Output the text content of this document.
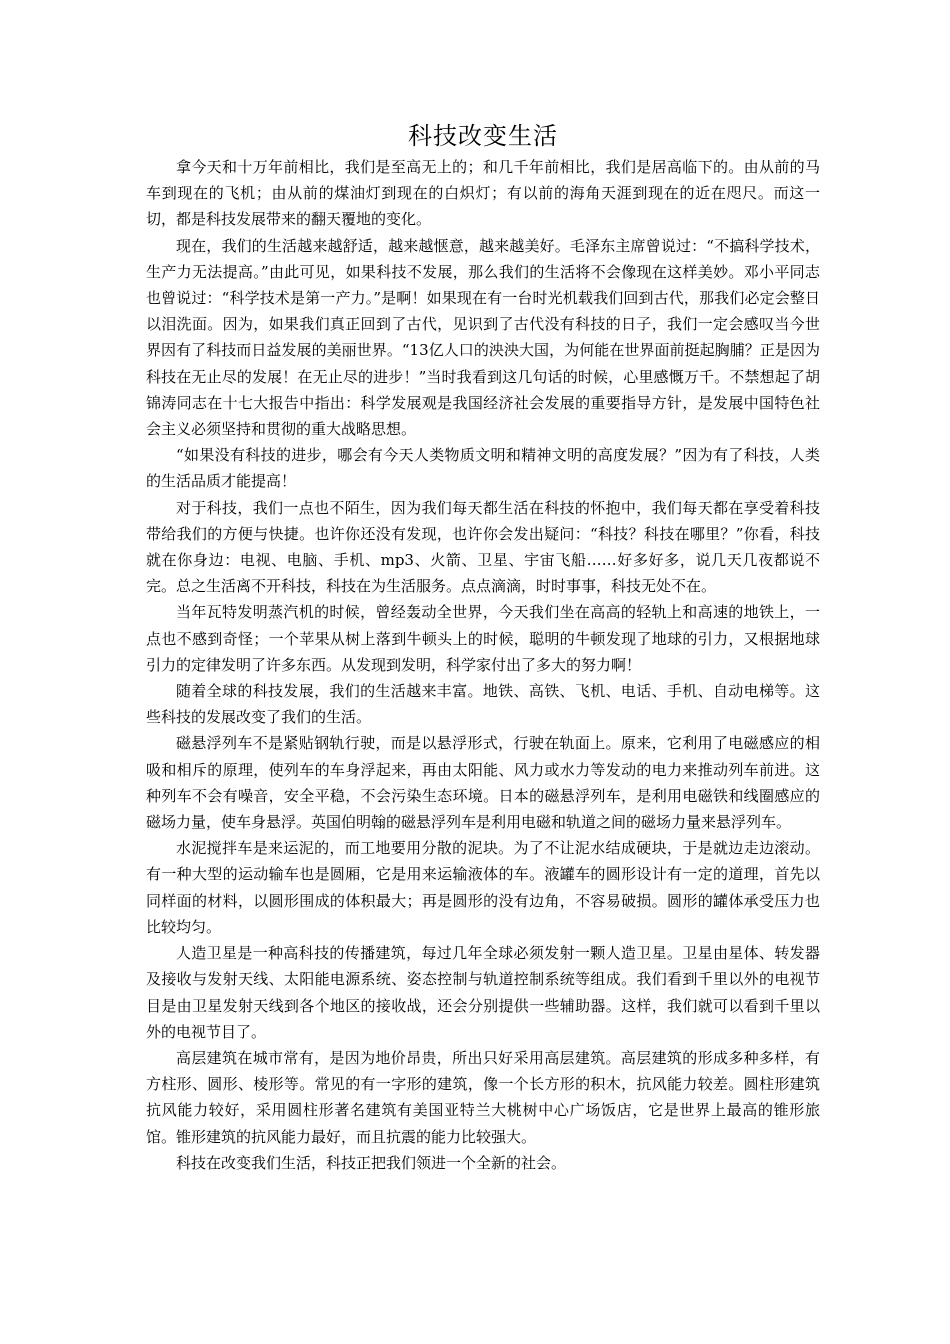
科技改变生活

拿今天和十万年前相比，我们是至高无上的；和几千年前相比，我们是居高临下的。由从前的马车到现在的飞机；由从前的煤油灯到现在的白炽灯；有以前的海角天涯到现在的近在咫尺。而这一切，都是科技发展带来的翻天覆地的变化。

现在，我们的生活越来越舒适，越来越惬意，越来越美好。毛泽东主席曾说过：“不搞科学技术，生产力无法提高。”由此可见，如果科技不发展，那么我们的生活将不会像现在这样美妙。邓小平同志也曾说过：“科学技术是第一产力。”是啊！如果现在有一台时光机载我们回到古代，那我们必定会整日以泪洗面。因为，如果我们真正回到了古代，见识到了古代没有科技的日子，我们一定会感叹当今世界因有了科技而日益发展的美丽世界。“13亿人口的泱泱大国，为何能在世界面前挺起胸脯？正是因为科技在无止尽的发展！在无止尽的进步！”当时我看到这几句话的时候，心里感慨万千。不禁想起了胡锦涛同志在十七大报告中指出：科学发展观是我国经济社会发展的重要指导方针，是发展中国特色社会主义必须坚持和贯彻的重大战略思想。

“如果没有科技的进步，哪会有今天人类物质文明和精神文明的高度发展？”因为有了科技，人类的生活品质才能提高！

对于科技，我们一点也不陌生，因为我们每天都生活在科技的怀抱中，我们每天都在享受着科技带给我们的方便与快捷。也许你还没有发现，也许你会发出疑问：“科技？科技在哪里？”你看，科技就在你身边：电视、电脑、手机、mp3、火箭、卫星、宇宙飞船……好多好多，说几天几夜都说不完。总之生活离不开科技，科技在为生活服务。点点滴滴，时时事事，科技无处不在。

当年瓦特发明蒸汽机的时候，曾经轰动全世界，今天我们坐在高高的轻轨上和高速的地铁上，一点也不感到奇怪；一个苹果从树上落到牛顿头上的时候，聪明的牛顿发现了地球的引力，又根据地球引力的定律发明了许多东西。从发现到发明，科学家付出了多大的努力啊！

随着全球的科技发展，我们的生活越来丰富。地铁、高铁、飞机、电话、手机、自动电梯等。这些科技的发展改变了我们的生活。

磁悬浮列车不是紧贴钢轨行驶，而是以悬浮形式，行驶在轨面上。原来，它利用了电磁感应的相吸和相斥的原理，使列车的车身浮起来，再由太阳能、风力或水力等发动的电力来推动列车前进。这种列车不会有噪音，安全平稳，不会污染生态环境。日本的磁悬浮列车，是利用电磁铁和线圈感应的磁场力量，使车身悬浮。英国伯明翰的磁悬浮列车是利用电磁和轨道之间的磁场力量来悬浮列车。

水泥搅拌车是来运泥的，而工地要用分散的泥块。为了不让泥水结成硬块，于是就边走边滚动。有一种大型的运动输车也是圆厢，它是用来运输液体的车。液罐车的圆形设计有一定的道理，首先以同样面的材料，以圆形围成的体积最大；再是圆形的没有边角，不容易破损。圆形的罐体承受压力也比较均匀。

人造卫星是一种高科技的传播建筑，每过几年全球必须发射一颗人造卫星。卫星由星体、转发器及接收与发射天线、太阳能电源系统、姿态控制与轨道控制系统等组成。我们看到千里以外的电视节目是由卫星发射天线到各个地区的接收战，还会分别提供一些辅助器。这样，我们就可以看到千里以外的电视节目了。

高层建筑在城市常有，是因为地价昂贵，所出只好采用高层建筑。高层建筑的形成多种多样，有方柱形、圆形、棱形等。常见的有一字形的建筑，像一个长方形的积木，抗风能力较差。圆柱形建筑抗风能力较好，采用圆柱形著名建筑有美国亚特兰大桃树中心广场饭店，它是世界上最高的锥形旅馆。锥形建筑的抗风能力最好，而且抗震的能力比较强大。

科技在改变我们生活，科技正把我们领进一个全新的社会。
